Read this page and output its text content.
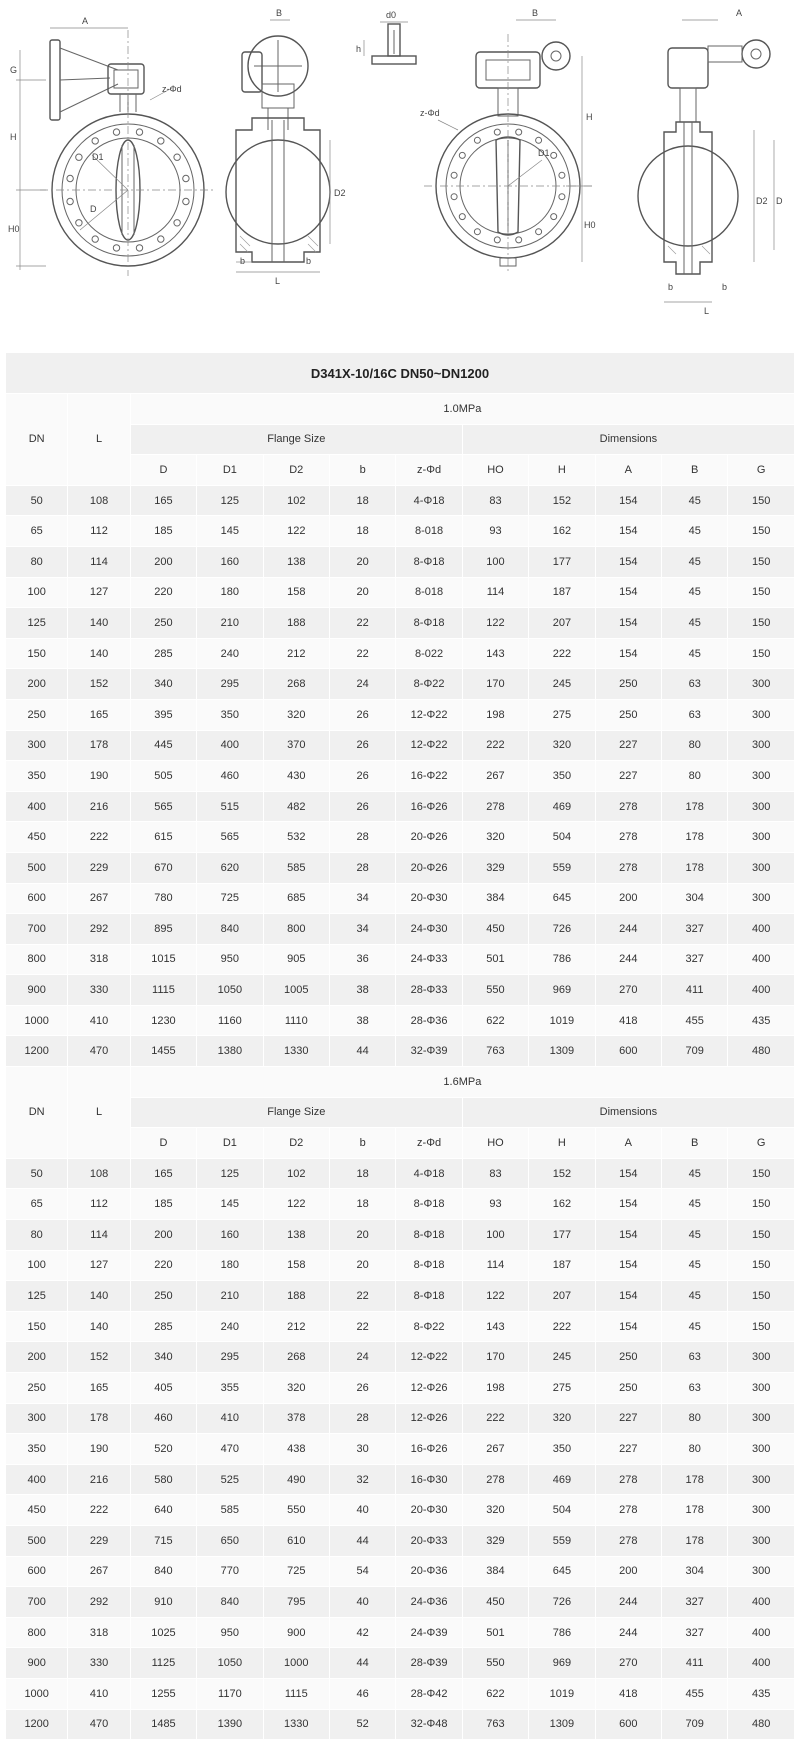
A
G
H
H0
z-Φd
D1
D
B
D2
b	b
L
d0
h
B
H
H0
z-Φd
D1
A
D2 D
b	b
L
D341X-10/16C DN50~DN1200											
DN	L	1.0MPa									
		Flange Size					Dimensions				
		D	D1	D2	b	z-Φd	HO	H	A	B	G
50	108	165	125	102	18	4-Φ18	83	152	154	45	150
65	112	185	145	122	18	8-018	93	162	154	45	150
80	114	200	160	138	20	8-Φ18	100	177	154	45	150
100	127	220	180	158	20	8-018	114	187	154	45	150
125	140	250	210	188	22	8-Φ18	122	207	154	45	150
150	140	285	240	212	22	8-022	143	222	154	45	150
200	152	340	295	268	24	8-Φ22	170	245	250	63	300
250	165	395	350	320	26	12-Φ22	198	275	250	63	300
300	178	445	400	370	26	12-Φ22	222	320	227	80	300
350	190	505	460	430	26	16-Φ22	267	350	227	80	300
400	216	565	515	482	26	16-Φ26	278	469	278	178	300
450	222	615	565	532	28	20-Φ26	320	504	278	178	300
500	229	670	620	585	28	20-Φ26	329	559	278	178	300
600	267	780	725	685	34	20-Φ30	384	645	200	304	300
700	292	895	840	800	34	24-Φ30	450	726	244	327	400
800	318	1015	950	905	36	24-Φ33	501	786	244	327	400
900	330	1115	1050	1005	38	28-Φ33	550	969	270	411	400
1000	410	1230	1160	1110	38	28-Φ36	622	1019	418	455	435
1200	470	1455	1380	1330	44	32-Φ39	763	1309	600	709	480
DN	L	1.6MPa									
		Flange Size					Dimensions				
		D	D1	D2	b	z-Φd	HO	H	A	B	G
50	108	165	125	102	18	4-Φ18	83	152	154	45	150
65	112	185	145	122	18	8-Φ18	93	162	154	45	150
80	114	200	160	138	20	8-Φ18	100	177	154	45	150
100	127	220	180	158	20	8-Φ18	114	187	154	45	150
125	140	250	210	188	22	8-Φ18	122	207	154	45	150
150	140	285	240	212	22	8-Φ22	143	222	154	45	150
200	152	340	295	268	24	12-Φ22	170	245	250	63	300
250	165	405	355	320	26	12-Φ26	198	275	250	63	300
300	178	460	410	378	28	12-Φ26	222	320	227	80	300
350	190	520	470	438	30	16-Φ26	267	350	227	80	300
400	216	580	525	490	32	16-Φ30	278	469	278	178	300
450	222	640	585	550	40	20-Φ30	320	504	278	178	300
500	229	715	650	610	44	20-Φ33	329	559	278	178	300
600	267	840	770	725	54	20-Φ36	384	645	200	304	300
700	292	910	840	795	40	24-Φ36	450	726	244	327	400
800	318	1025	950	900	42	24-Φ39	501	786	244	327	400
900	330	1125	1050	1000	44	28-Φ39	550	969	270	411	400
1000	410	1255	1170	1115	46	28-Φ42	622	1019	418	455	435
1200	470	1485	1390	1330	52	32-Φ48	763	1309	600	709	480
